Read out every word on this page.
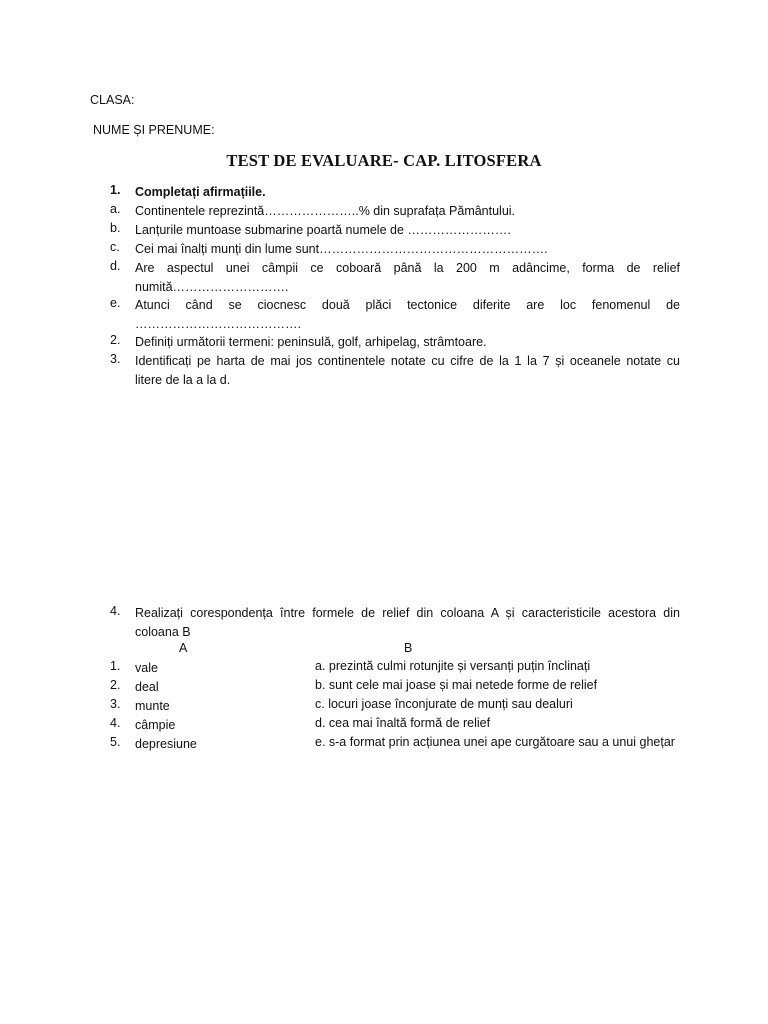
CLASA:
NUME ȘI PRENUME:
TEST DE EVALUARE- CAP. LITOSFERA
1.	Completați afirmațiile.
a.	Continentele reprezintă…………………..% din suprafața Pământului.
b.	Lanțurile muntoase submarine poartă numele de …………………….
c.	Cei mai înalți munți din lume sunt……………………………………………….
d.	Are aspectul unei câmpii ce coboară până la 200 m adâncime, forma de relief
numită……………………….
e.	Atunci când se ciocnesc două plăci tectonice diferite are loc fenomenul de
………………………………….
2.	Definiți următorii termeni: peninsulă, golf, arhipelag, strâmtoare.
3.	Identificați pe harta de mai jos continentele notate cu cifre de la 1 la 7 și oceanele notate cu
litere de la a la d.
4.	Realizați corespondența între formele de relief din coloana A și caracteristicile acestora din
coloana B
A	B
1.	vale	a. prezintă culmi rotunjite și versanți puțin înclinați
2.	deal	b. sunt cele mai joase și mai netede forme de relief
3.	munte	c. locuri joase înconjurate de munți sau dealuri
4.	câmpie	d. cea mai înaltă formă de relief
5.	depresiune	e. s-a format prin acțiunea unei ape curgătoare sau a unui ghețar
